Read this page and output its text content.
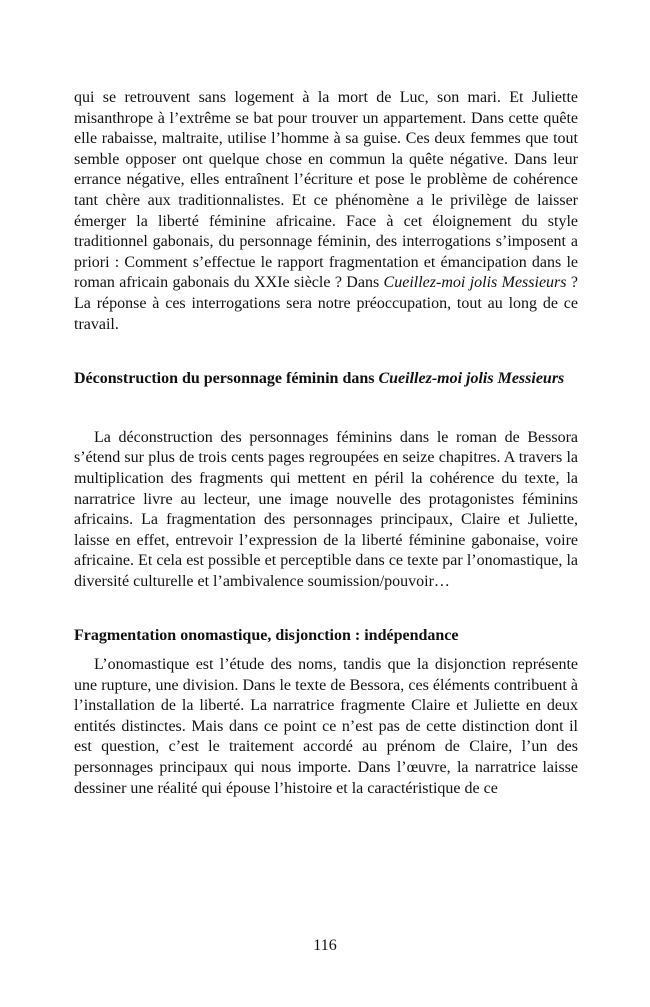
qui se retrouvent sans logement à la mort de Luc, son mari. Et Juliette misanthrope à l’extrême se bat pour trouver un appartement. Dans cette quête elle rabaisse, maltraite, utilise l’homme à sa guise. Ces deux femmes que tout semble opposer ont quelque chose en commun la quête négative. Dans leur errance négative, elles entraînent l’écriture et pose le problème de cohérence tant chère aux traditionnalistes. Et ce phénomène a le privilège de laisser émerger la liberté féminine africaine. Face à cet éloignement du style traditionnel gabonais, du personnage féminin, des interrogations s’imposent a priori : Comment s’effectue le rapport fragmentation et émancipation dans le roman africain gabonais du XXIe siècle ? Dans Cueillez-moi jolis Messieurs ? La réponse à ces interrogations sera notre préoccupation, tout au long de ce travail.

Déconstruction du personnage féminin dans Cueillez-moi jolis Messieurs

La déconstruction des personnages féminins dans le roman de Bessora s’étend sur plus de trois cents pages regroupées en seize chapitres. A travers la multiplication des fragments qui mettent en péril la cohérence du texte, la narratrice livre au lecteur, une image nouvelle des protagonistes féminins africains. La fragmentation des personnages principaux, Claire et Juliette, laisse en effet, entrevoir l’expression de la liberté féminine gabonaise, voire africaine. Et cela est possible et perceptible dans ce texte par l’onomastique, la diversité culturelle et l’ambivalence soumission/pouvoir…

Fragmentation onomastique, disjonction : indépendance

L’onomastique est l’étude des noms, tandis que la disjonction représente une rupture, une division. Dans le texte de Bessora, ces éléments contribuent à l’installation de la liberté. La narratrice fragmente Claire et Juliette en deux entités distinctes. Mais dans ce point ce n’est pas de cette distinction dont il est question, c’est le traitement accordé au prénom de Claire, l’un des personnages principaux qui nous importe. Dans l’œuvre, la narratrice laisse dessiner une réalité qui épouse l’histoire et la caractéristique de ce

116
